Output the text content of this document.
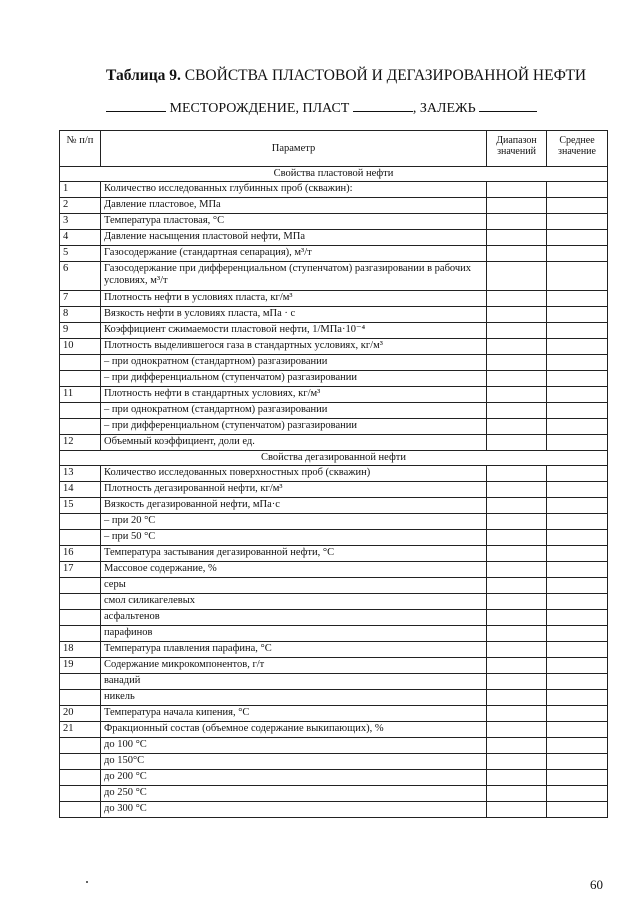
Таблица 9. СВОЙСТВА ПЛАСТОВОЙ И ДЕГАЗИРОВАННОЙ НЕФТИ
МЕСТОРОЖДЕНИЕ, ПЛАСТ	, ЗАЛЕЖЬ
№ п/п	Параметр	Диапазон значений	Среднее значение
Свойства пластовой нефти			
1	Количество исследованных глубинных проб (скважин):		
2	Давление пластовое, МПа		
3	Температура пластовая, °С		
4	Давление насыщения пластовой нефти, МПа		
5	Газосодержание (стандартная сепарация), м³/т		
6	Газосодержание при дифференциальном (ступенчатом) разгазировании в рабочих условиях, м³/т		
7	Плотность нефти в условиях пласта, кг/м³		
8	Вязкость нефти в условиях пласта, мПа · с		
9	Коэффициент сжимаемости пластовой нефти, 1/МПа·10⁻⁴		
10	Плотность выделившегося газа в стандартных условиях, кг/м³		
	– при однократном (стандартном) разгазировании		
	– при дифференциальном (ступенчатом) разгазировании		
11	Плотность нефти в стандартных условиях, кг/м³		
	– при однократном (стандартном) разгазировании		
	– при дифференциальном (ступенчатом) разгазировании		
12	Объемный коэффициент, доли ед.		
Свойства дегазированной нефти			
13	Количество исследованных поверхностных проб (скважин)		
14	Плотность дегазированной нефти, кг/м³		
15	Вязкость дегазированной нефти, мПа·с		
	– при 20 °С		
	– при 50 °С		
16	Температура застывания дегазированной нефти, °С		
17	Массовое содержание, %		
	серы		
	смол силикагелевых		
	асфальтенов		
	парафинов		
18	Температура плавления парафина, °С		
19	Содержание микрокомпонентов, г/т		
	ванадий		
	никель		
20	Температура начала кипения, °С		
21	Фракционный состав (объемное содержание выкипающих), %		
	до 100 °С		
	до 150°С		
	до 200 °С		
	до 250 °С		
	до 300 °С		
60
